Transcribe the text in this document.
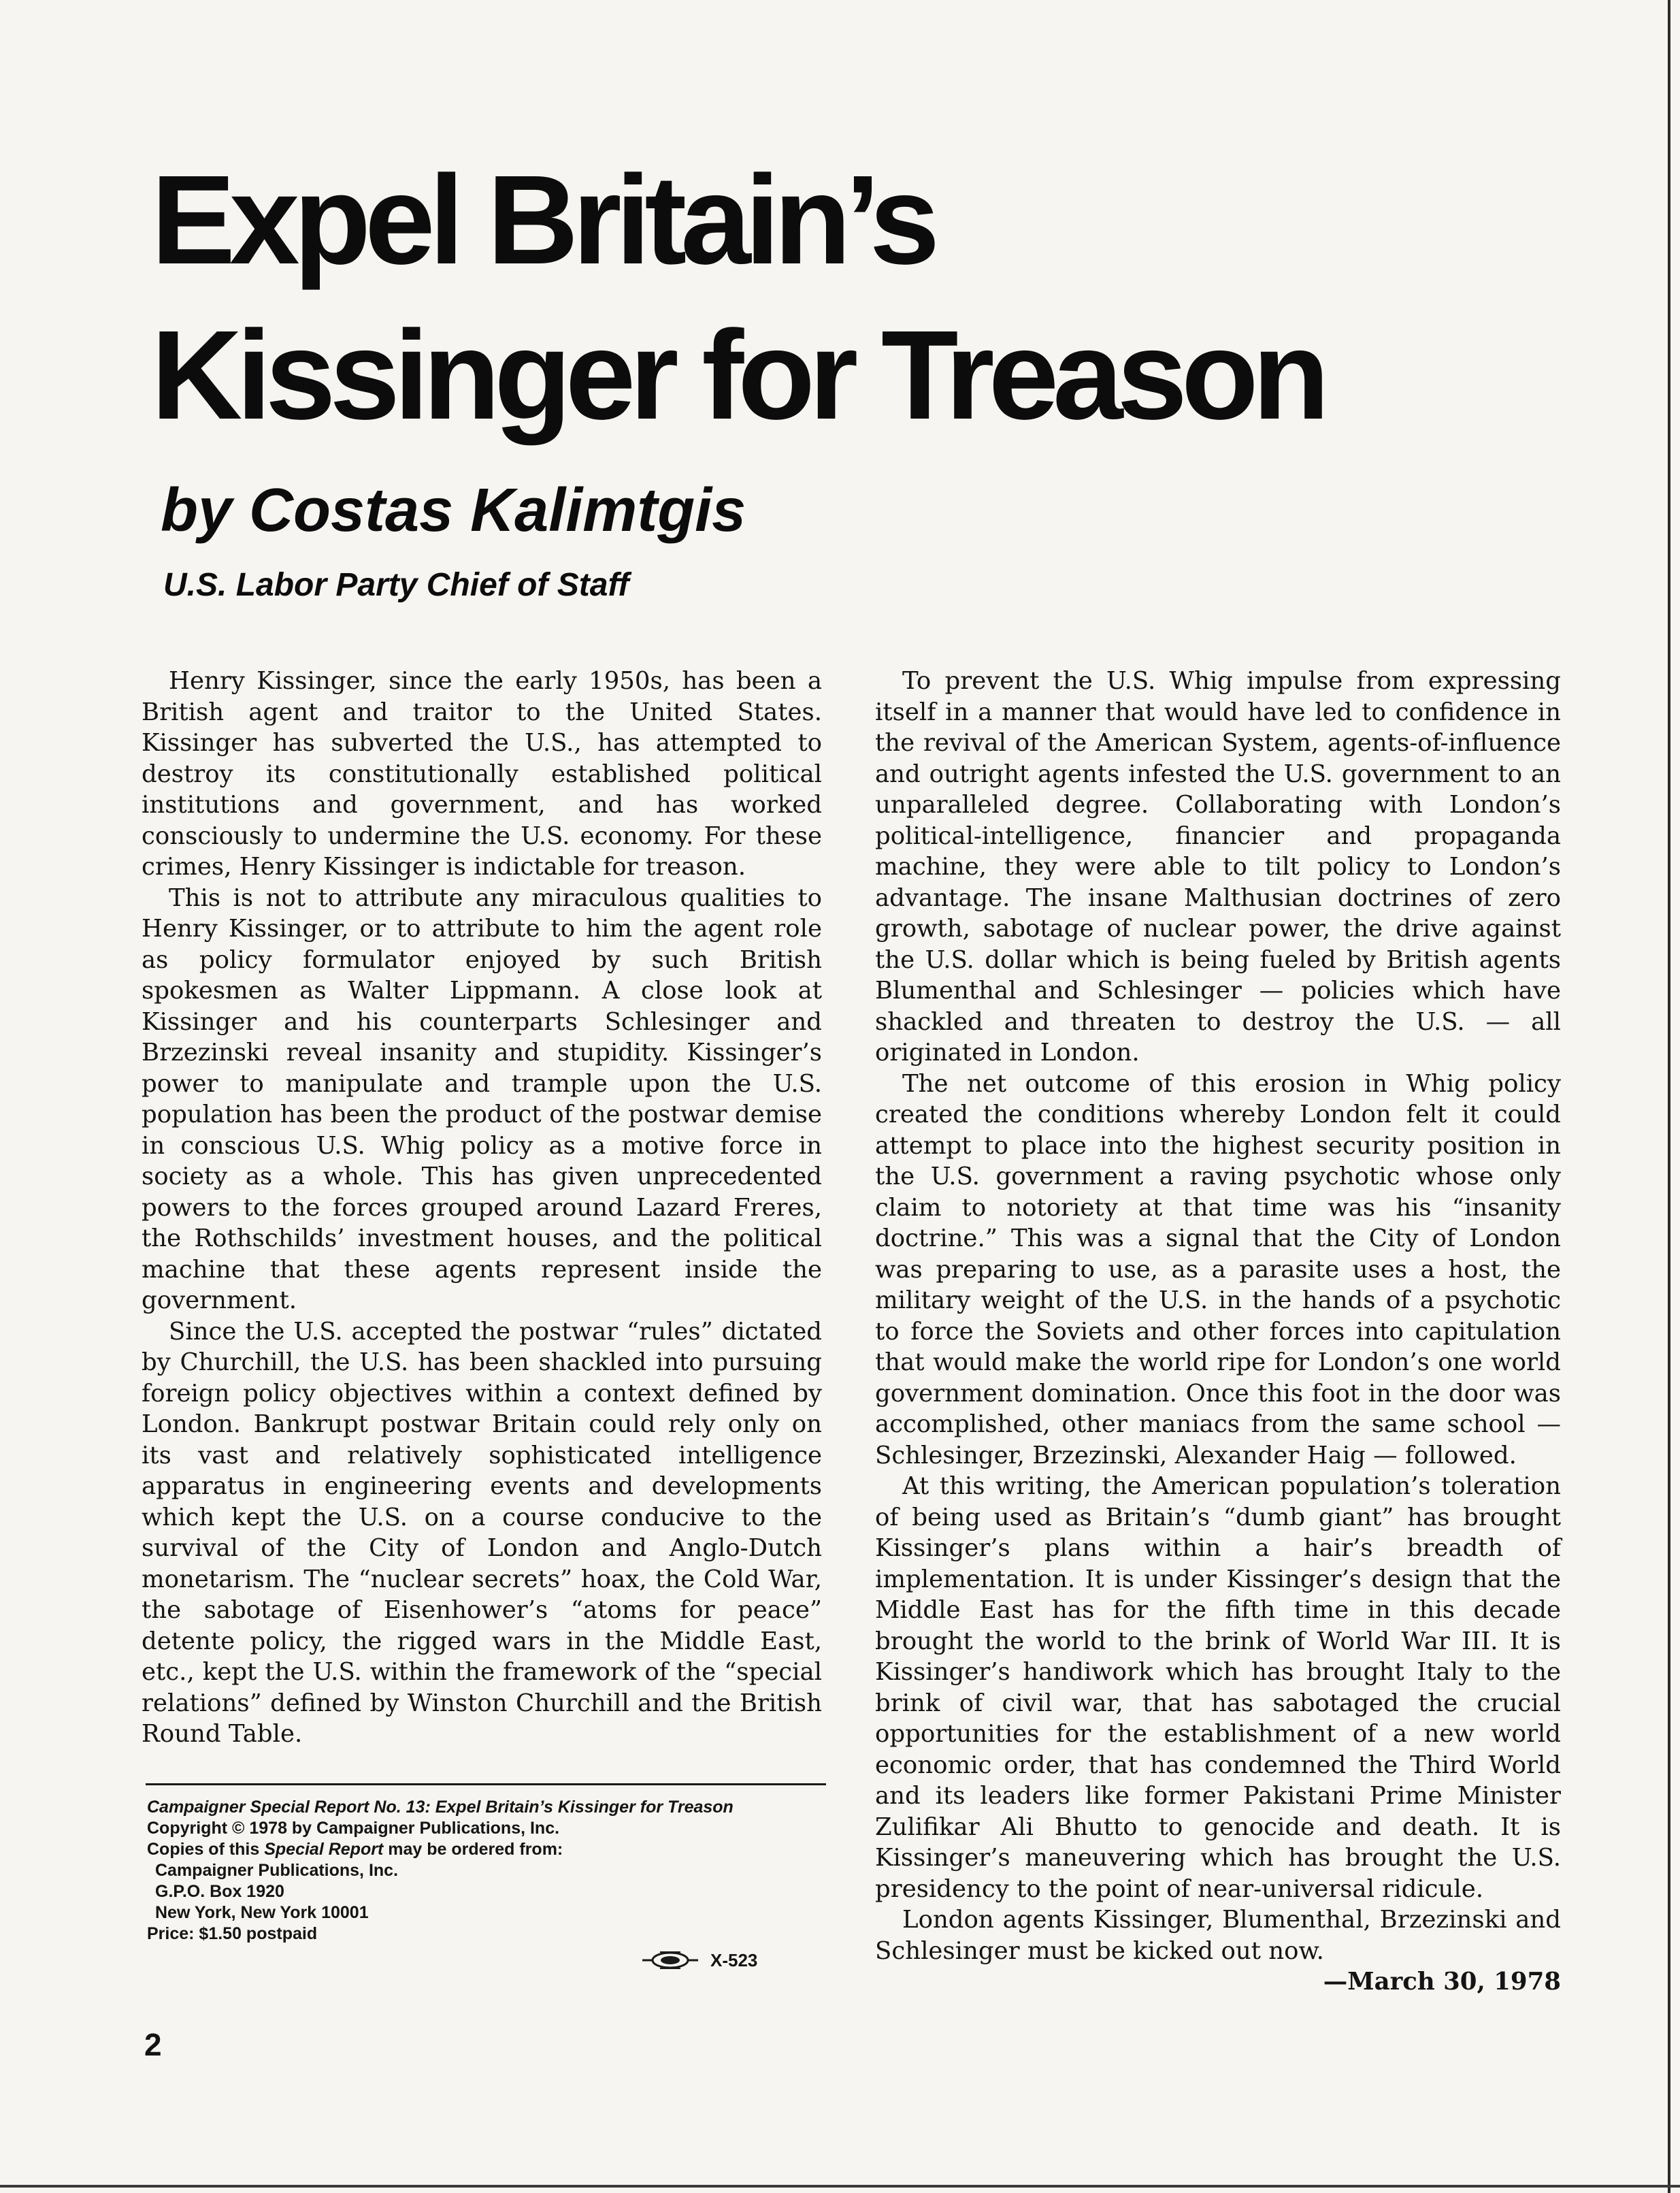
Expel Britain’s
Kissinger for Treason
by Costas Kalimtgis
U.S. Labor Party Chief of Staff

Henry Kissinger, since the early 1950s, has been a British agent and traitor to the United States. Kissinger has subverted the U.S., has attempted to destroy its constitutionally established political institutions and government, and has worked consciously to undermine the U.S. economy. For these crimes, Henry Kissinger is indictable for treason.

This is not to attribute any miraculous qualities to Henry Kissinger, or to attribute to him the agent role as policy formulator enjoyed by such British spokesmen as Walter Lippmann. A close look at Kissinger and his counterparts Schlesinger and Brzezinski reveal insanity and stupidity. Kissinger’s power to manipulate and trample upon the U.S. population has been the product of the postwar demise in conscious U.S. Whig policy as a motive force in society as a whole. This has given unprecedented powers to the forces grouped around Lazard Freres, the Rothschilds’ investment houses, and the political machine that these agents represent inside the government.

Since the U.S. accepted the postwar “rules” dictated by Churchill, the U.S. has been shackled into pursuing foreign policy objectives within a context defined by London. Bankrupt postwar Britain could rely only on its vast and relatively sophisticated intelligence apparatus in engineering events and developments which kept the U.S. on a course conducive to the survival of the City of London and Anglo-Dutch monetarism. The “nuclear secrets” hoax, the Cold War, the sabotage of Eisenhower’s “atoms for peace” detente policy, the rigged wars in the Middle East, etc., kept the U.S. within the framework of the “special relations” defined by Winston Churchill and the British Round Table.

To prevent the U.S. Whig impulse from expressing itself in a manner that would have led to confidence in the revival of the American System, agents-of-influence and outright agents infested the U.S. government to an unparalleled degree. Collaborating with London’s political-intelligence, financier and propaganda machine, they were able to tilt policy to London’s advantage. The insane Malthusian doctrines of zero growth, sabotage of nuclear power, the drive against the U.S. dollar which is being fueled by British agents Blumenthal and Schlesinger — policies which have shackled and threaten to destroy the U.S. — all originated in London.

The net outcome of this erosion in Whig policy created the conditions whereby London felt it could attempt to place into the highest security position in the U.S. government a raving psychotic whose only claim to notoriety at that time was his “insanity doctrine.” This was a signal that the City of London was preparing to use, as a parasite uses a host, the military weight of the U.S. in the hands of a psychotic to force the Soviets and other forces into capitulation that would make the world ripe for London’s one world government domination. Once this foot in the door was accomplished, other maniacs from the same school — Schlesinger, Brzezinski, Alexander Haig — followed.

At this writing, the American population’s toleration of being used as Britain’s “dumb giant” has brought Kissinger’s plans within a hair’s breadth of implementation. It is under Kissinger’s design that the Middle East has for the fifth time in this decade brought the world to the brink of World War III. It is Kissinger’s handiwork which has brought Italy to the brink of civil war, that has sabotaged the crucial opportunities for the establishment of a new world economic order, that has condemned the Third World and its leaders like former Pakistani Prime Minister Zulifikar Ali Bhutto to genocide and death. It is Kissinger’s maneuvering which has brought the U.S. presidency to the point of near-universal ridicule.

London agents Kissinger, Blumenthal, Brzezinski and Schlesinger must be kicked out now.

—March 30, 1978

Campaigner Special Report No. 13: Expel Britain’s Kissinger for Treason
Copyright © 1978 by Campaigner Publications, Inc.
Copies of this Special Report may be ordered from:
Campaigner Publications, Inc.
G.P.O. Box 1920
New York, New York 10001
Price: $1.50 postpaid
X-523
2
